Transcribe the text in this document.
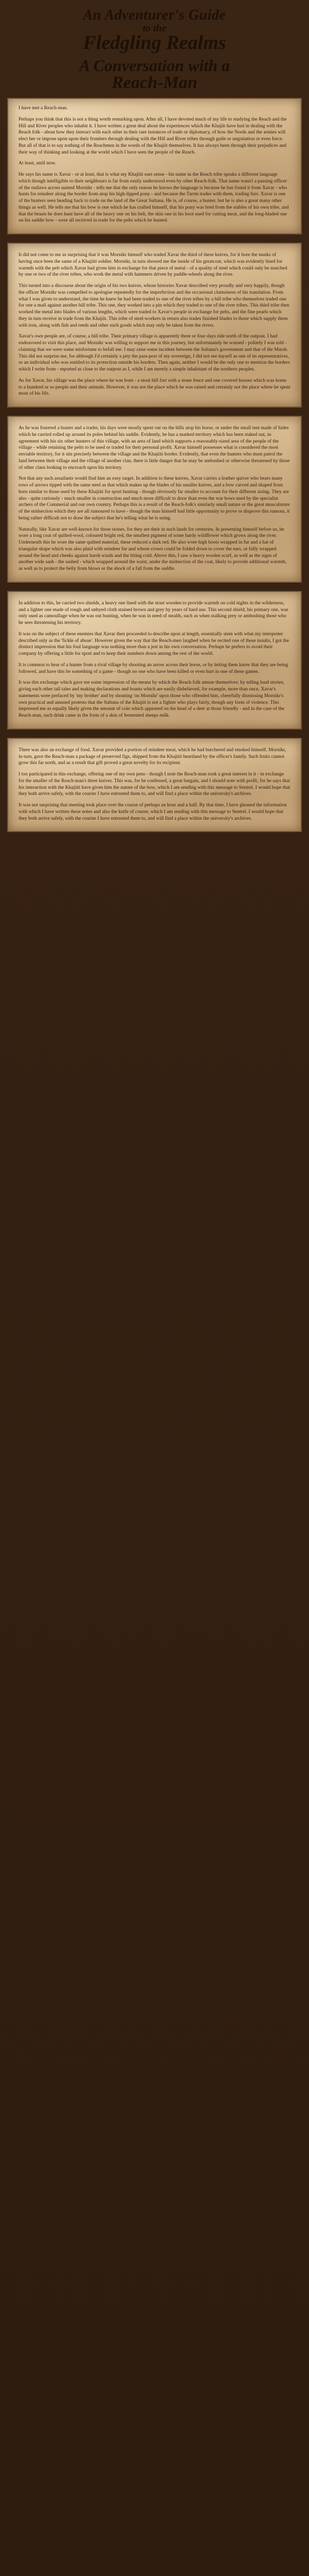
An Adventurer's Guide
to the
Fledgling Realms
A Conversation with a
Reach-Man

I have met a Reach-man.

Perhaps you think that this is not a thing worth remarking upon. After all, I have devoted much of my life to studying the Reach and the Hill and River peoples who inhabit it. I have written a great deal about the experiences which the Khajiit have had in dealing with the Reach folk - about how they interact with each other in their rare instances of trade or diplomacy, of how the Nords and the armies will elect her or impose upon upon their frontiers through dealing with the Hill and River tribes through guile or negotiation or even force. But all of that is to say nothing of the Reachmen in the words of the Khajiit themselves. It has always been through their prejudices and their way of thinking and looking at the world which I have seen the people of the Reach.

At least, until now.

He says his name is Xavar - or at least, that is what my Khajiiti ears sense - his name in the Reach tribe speaks a different language which though intelligible to their neighbours is far from easily understood even by other Reach-folk. That name wasn't a passing officer of the outlaws across named Mornikr - tells me that the only reason he knows the language is because he has found it from Xavar - who hunts for reindeer along the border from atop his high-lipped pony - and because the Tarrm trades with them, trading furs. Xavar is one of the hunters seen heading back to trade on the land of the Great Sultana. He is, of course, a hunter, but he is also a great many other things as well. He tells me that his bow is one which he has crafted himself, that his pony was bred from the stables of his own tribe, and that the beasts he does hunt have all of the heavy one on his belt, the skin one in his boot used for cutting meat, and the long-bladed one on his saddle bow - were all received in trade for the pelts which he hunted.

It did not come to me as surprising that it was Mornikr himself who traded Xavar the third of these knives, for it bore the marks of having once been the same of a Khajiiti soldier. Mornikr, in turn showed me the inside of his greatcoat, which was evidently lined for warmth with the pelt which Xavar had given him in exchange for that piece of metal - of a quality of steel which could only be matched by one or two of the river tribes, who work the metal with hammers driven by paddle-wheels along the river.

This turned into a discourse about the origin of his two knives, whose histories Xavar described very proudly and very happily, though the officer Mornikr was compelled to apologise repeatedly for the imperfection and the occasional clumsiness of his translation. From what I was given to understand, the time he knew he had been traded to one of the river tribes by a hill tribe who themselves traded one for one a mail against another hill tribe. This one, they worked into a pin which they traded to one of the river tribes. This third tribe then worked the metal into blades of various lengths, which were traded to Xavar's people in exchange for pelts, and the fine pearls which they in turn receive in trade from the Khajiit. This tribe of steel-workers in return also trades finished blades to those which supply them with iron, along with fish and reeds and other such goods which may only be taken from the rivers.

Xavar's own people are, of course, a hill tribe. Their primary village is apparently three or four days ride north of the outpost. I had endeavored to visit this place, and Mornikr was willing to support me in this journey, but unfortunately he warned - politely I was told - claiming that we were some misfortune to befall me. I may raise some incident between the Sultana's government and that of the Marsh. This did not surprise me, for although I'd certainly a pity the pass-port of my sovereign, I did not see myself as one of its representatives, or an individual who was entitled to its protection outside his borders. Then again, neither I would be the only one to mention the borders which I write from - reported as close to the outpost as I, while I am merely a simple inhabitant of the northern peoples.

As for Xavar, his village was the place where he was born - a stout hill fort with a stone fence and one covered houses which was home to a hundred or so people and their animals. However, it was not the place which he was raised and certainly not the place where he spent most of his life.

As he was fostered a hunter and a trader, his days were mostly spent out on the hills atop his horse, or under the small tent made of hides which he carried rolled up around its poles behind his saddle. Evidently, he has a marked territory which has been staked out, in agreement with his six other hunters of this village, with an area of land which supports a reasonably-sized area of the people of the village - while retaining the pelts to be used or traded for their personal profit. Xavar himself possesses what is considered the most enviable territory, for it sits precisely between the village and the Khajiiti border. Evidently, that even the hunters who must patrol the land between their village and the village of another clan, there is little danger that he may be ambushed or otherwise threatened by those of other clans looking to encroach upon his territory.

Not that any such assailants would find him an easy target. In addition to these knives, Xavar carries a leather quiver who bears many rows of arrows tipped with the same steel as that which makes up the blades of his smaller knives, and a bow carved and shaped from horn similar to those used by these Khajiiti for sport hunting - though obviously far smaller to account for their different sizing. They are also - quite curiously - much smaller in construction and much more difficult to draw than even the war bows used by the specialist archers of the Commerial and our own country. Perhaps this is a result of the Reach-folk's similarly small nature or the great musculature of the midsection which they are all rumoured to have - though the man himself had little opportunity to prove or disprove this rumour, it being rather difficult not to draw the subject that he's telling what he is using.

Naturally, like Xavar are well-known for those stones, for they are their in such lands for centuries. In presenting himself before us, he wore a long coat of quilted-wool, coloured bright red, the smallest pigment of some hardy wildflower which grows along the river. Underneath this he wore the same quilted material, these reduced a dark red. He also wore high boots wrapped in fur and a hat of triangular shape which was also plaid with reindeer fur and whose crown could be folded down to cover the ears, or fully wrapped around the head and cheeks against harsh winds and the biting cold. Above this, I saw a heavy woolen scarf, as well as the signs of another wide sash - the sashed - which wrapped around the waist, under the midsection of the coat, likely to provide additional warmth, as well as to protect the belly from blows or the shock of a fall from the saddle.

In addition to this, he carried two shields, a heavy one lined with the stout wooden to provide warmth on cold nights in the wilderness, and a lighter one made of rough and unbyed cloth stained brown and grey by years of hard use. This second shield, his primary one, was only used as camouflage when he was out hunting, when he was in need of stealth, such as when stalking prey or ambushing those who he sees threatening his territory.

It was on the subject of these enemies that Xavar then proceeded to describe upon at length, essentially stem with what my interpreter described only as the 'fickle of abuse'. However given the way that the Reach-men laughed when he recited one of these insults, I got the distinct impression that his foul language was nothing more than a jest in his own conversation. Perhaps he prefers to avoid their company by offering a little for sport and to keep their numbers down among the rest of the world.

It is common to hear of a hunter from a rival village by shooting an arrow across their horse, or by letting them know that they are being followed, and have this be something of a game - though no one who have been killed or even hurt in one of these games.

It was this exchange which gave me some impression of the means by which the Reach folk amuse themselves: by telling loud stories, giving each other tall tales and making declarations and boasts which are easily disbelieved, for example, more than once, Xavar's statements were prefaced by 'my brother' and by shouting 'on Mornikr' upon those who offended him, cheerfully dismissing Mornikr's own practical and amused protests that the Sultana of the Khajiit is not a fighter who plays fairly, though any form of violence. This impressed me as equally likely given the amount of coin which appeared on the head of a deer at those friendly - and in the case of the Reach-man, such drink came in the form of a skin of fermented sheeps milk.

There was also an exchange of food. Xavar provided a portion of reindeer meat, which he had butchered and smoked himself. Mornikr, in turn, gave the Reach-man a package of preserved figs, shipped from the Khajiiti heartland by the officer's family. Such fruits cannot grow this far north, and as a result that gift proved a great novelty for its recipient.

I too participated in this exchange, offering one of my own pens - though I note the Reach-man took a great interest in it - in exchange for the smaller of the Reach-man's three knives. This was, for he confessed, a great bargain, and I should note with profit, for he says that his interaction with the Khajiiti have given him the nature of the bow, which I am sending with this message to Sentrel. I would hope that they both arrive safely, with the courier I have entrusted them to, and will find a place within the university's archives.

It was not surprising that meeting took place over the course of perhaps an hour and a half. By that time, I have gleaned the information with which I have written these notes and also the knife of course, which I am sending with this message to Sentrel. I would hope that they both arrive safely, with the courier I have entrusted them to, and will find a place within the university's archives.
